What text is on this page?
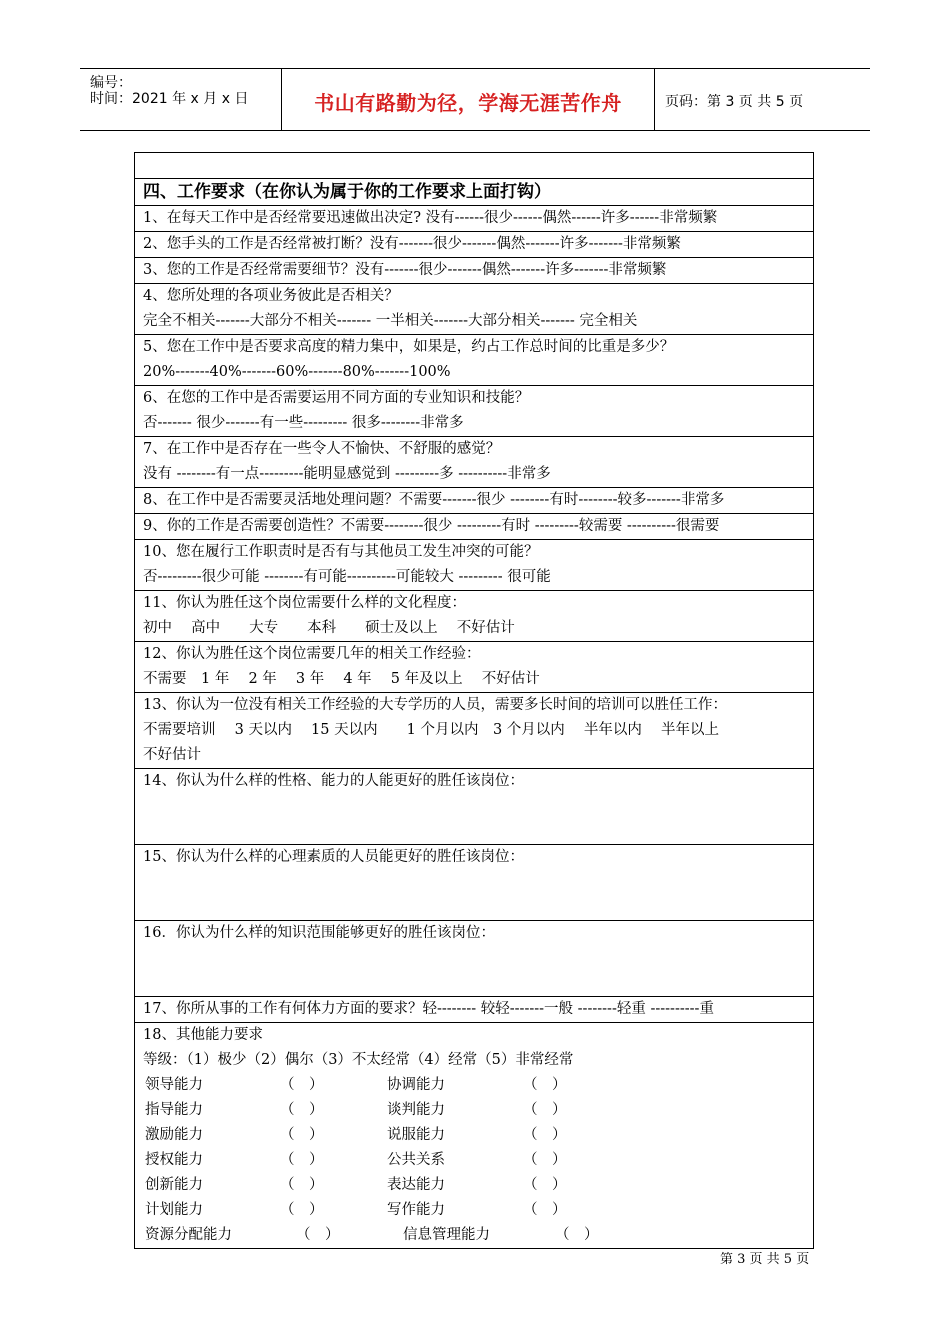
编号：
时间：2021 年 x 月 x 日	书山有路勤为径，学海无涯苦作舟	页码：第 3 页 共 5 页
四、工作要求（在你认为属于你的工作要求上面打钩）
1、在每天工作中是否经常要迅速做出决定? 没有------很少------偶然------许多------非常频繁
2、您手头的工作是否经常被打断？没有-------很少-------偶然-------许多-------非常频繁
3、您的工作是否经常需要细节？没有-------很少-------偶然-------许多-------非常频繁
4、您所处理的各项业务彼此是否相关？
完全不相关-------大部分不相关------- 一半相关-------大部分相关------- 完全相关
5、您在工作中是否要求高度的精力集中，如果是，约占工作总时间的比重是多少？
20%-------40%-------60%-------80%-------100%
6、在您的工作中是否需要运用不同方面的专业知识和技能？
否------- 很少-------有一些--------- 很多--------非常多
7、在工作中是否存在一些令人不愉快、不舒服的感觉？
没有 --------有一点---------能明显感觉到 ---------多 ----------非常多
8、在工作中是否需要灵活地处理问题？不需要-------很少 --------有时--------较多-------非常多
9、你的工作是否需要创造性？不需要--------很少 ---------有时 ---------较需要 ----------很需要
10、您在履行工作职责时是否有与其他员工发生冲突的可能？
否---------很少可能 --------有可能----------可能较大 --------- 很可能
11、你认为胜任这个岗位需要什么样的文化程度：
初中　 高中　　大专　　本科　　硕士及以上　 不好估计
12、你认为胜任这个岗位需要几年的相关工作经验：
不需要　1 年　 2 年　 3 年　 4 年　 5 年及以上　 不好估计
13、你认为一位没有相关工作经验的大专学历的人员，需要多长时间的培训可以胜任工作：
不需要培训　 3 天以内　 15 天以内　　1 个月以内　3 个月以内　 半年以内　 半年以上
不好估计
14、你认为什么样的性格、能力的人能更好的胜任该岗位：
15、你认为什么样的心理素质的人员能更好的胜任该岗位：
16．你认为什么样的知识范围能够更好的胜任该岗位：
17、你所从事的工作有何体力方面的要求？轻-------- 较轻-------一般 --------轻重 ----------重
18、其他能力要求
等级：（1）极少（2）偶尔（3）不太经常（4）经常（5）非常经常
领导能力	（　）	协调能力	（　）
指导能力	（　）	谈判能力	（　）
激励能力	（　）	说服能力	（　）
授权能力	（　）	公共关系	（　）
创新能力	（　）	表达能力	（　）
计划能力	（　）	写作能力	（　）
资源分配能力	（　）	信息管理能力	（　）
第 3 页 共 5 页
